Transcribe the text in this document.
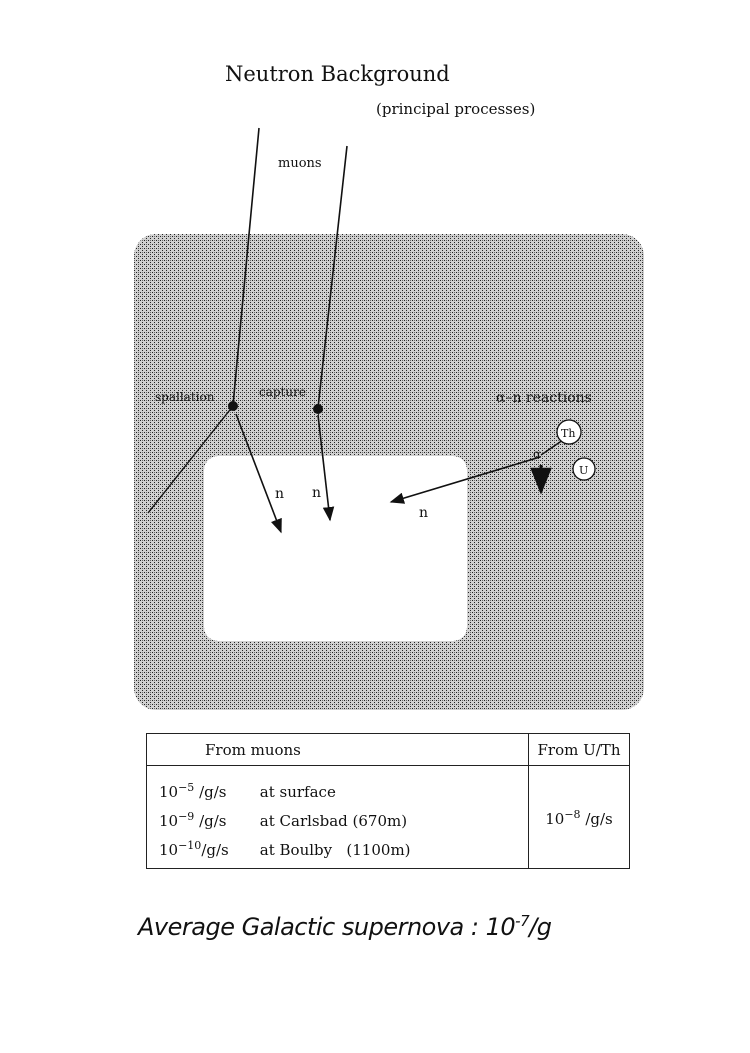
Neutron Background
(principal processes)
muons
spallation	capture	α–n reactions
Th
U
α
n n
n
From muons	From U/Th

$10^{-5}$ /g/s at surface
$10^{-9}$ /g/s at Carlsbad (670m)
$10^{-10}/g/s$ at Boulby   (1100m)	$10^{-8}$ /g/s
Average Galactic supernova : $10^{-7}/g$
